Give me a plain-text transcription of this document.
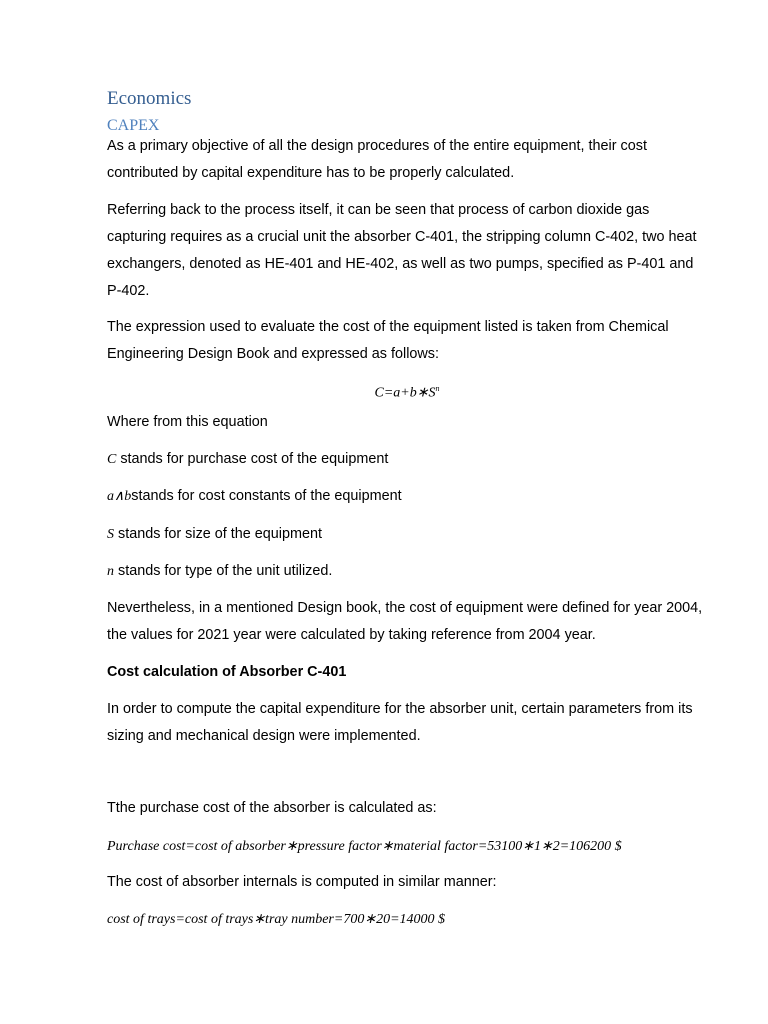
Economics
CAPEX

As a primary objective of all the design procedures of the entire equipment, their cost contributed by capital expenditure has to be properly calculated.

Referring back to the process itself, it can be seen that process of carbon dioxide gas capturing requires as a crucial unit the absorber C-401, the stripping column C-402, two heat exchangers, denoted as HE-401 and HE-402, as well as two pumps, specified as P-401 and P-402.

The expression used to evaluate the cost of the equipment listed is taken from Chemical Engineering Design Book and expressed as follows:

$C=a+b∗S^n$

Where from this equation

C stands for purchase cost of the equipment

a∧bstands for cost constants of the equipment

S stands for size of the equipment

n stands for type of the unit utilized.

Nevertheless, in a mentioned Design book, the cost of equipment were defined for year 2004, the values for 2021 year were calculated by taking reference from 2004 year.

Cost calculation of Absorber C-401

In order to compute the capital expenditure for the absorber unit, certain parameters from its sizing and mechanical design were implemented.

Tthe purchase cost of the absorber is calculated as:

Purchase cost=cost of absorber∗pressure factor∗material factor=53100∗1∗2=106200 $

The cost of absorber internals is computed in similar manner:

cost of trays=cost of trays∗tray number=700∗20=14000 $
